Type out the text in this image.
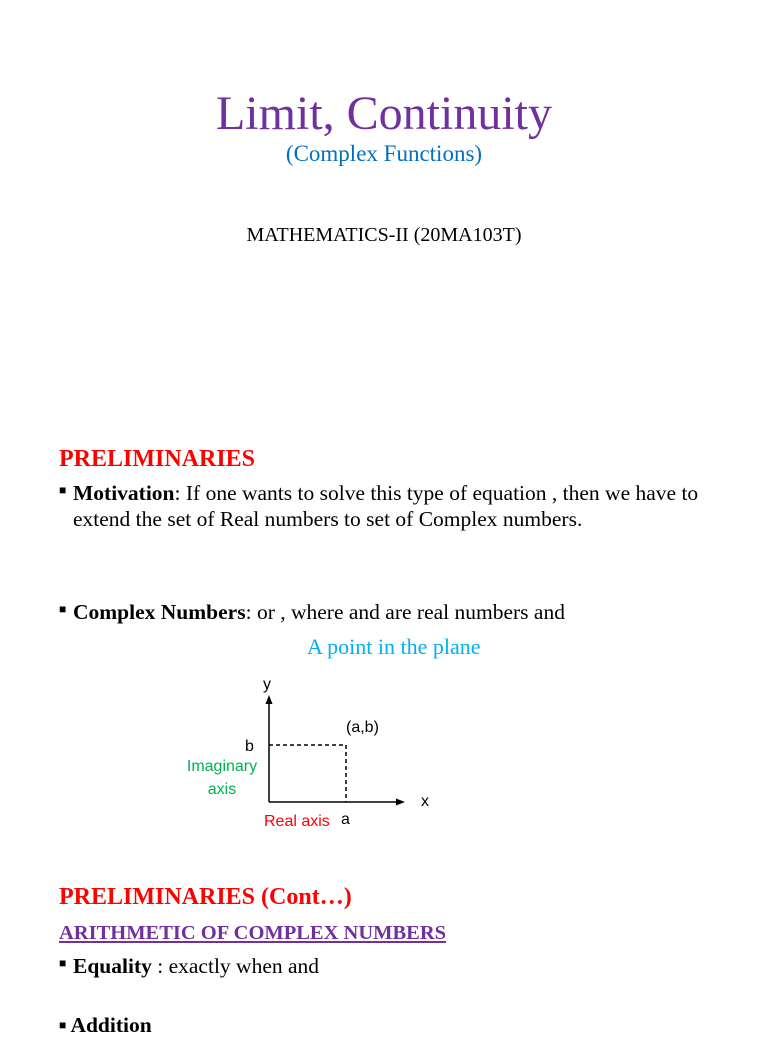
Limit, Continuity
(Complex Functions)
MATHEMATICS-II (20MA103T)
PRELIMINARIES
■ Motivation: If one wants to solve this type of equation , then we have to extend the set of Real numbers to set of Complex numbers.
■ Complex Numbers: or , where and are real numbers and
A point in the plane
y
(a,b)
b
Imaginary
axis
x
Real axis a
PRELIMINARIES (Cont…)
ARITHMETIC OF COMPLEX NUMBERS
■ Equality : exactly when and
■ Addition
